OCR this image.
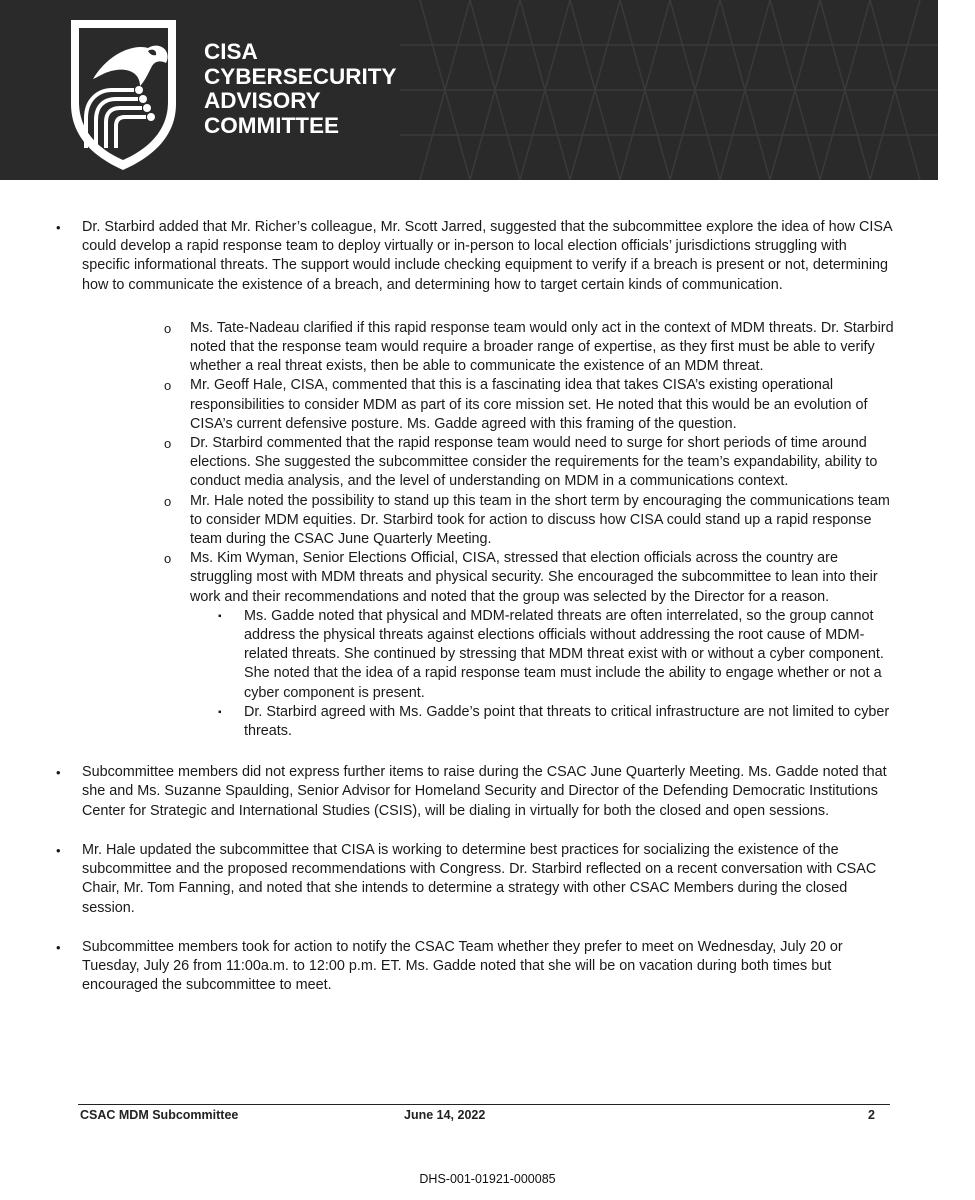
CISA
CYBERSECURITY
ADVISORY
COMMITTEE
• Dr. Starbird added that Mr. Richer’s colleague, Mr. Scott Jarred, suggested that the subcommittee explore the idea of how CISA could develop a rapid response team to deploy virtually or in-person to local election officials’ jurisdictions struggling with specific informational threats. The support would include checking equipment to verify if a breach is present or not, determining how to communicate the existence of a breach, and determining how to target certain kinds of communication.
o Ms. Tate-Nadeau clarified if this rapid response team would only act in the context of MDM threats. Dr. Starbird noted that the response team would require a broader range of expertise, as they first must be able to verify whether a real threat exists, then be able to communicate the existence of an MDM threat.
o Mr. Geoff Hale, CISA, commented that this is a fascinating idea that takes CISA’s existing operational responsibilities to consider MDM as part of its core mission set. He noted that this would be an evolution of CISA’s current defensive posture. Ms. Gadde agreed with this framing of the question.
o Dr. Starbird commented that the rapid response team would need to surge for short periods of time around elections. She suggested the subcommittee consider the requirements for the team’s expandability, ability to conduct media analysis, and the level of understanding on MDM in a communications context.
o Mr. Hale noted the possibility to stand up this team in the short term by encouraging the communications team to consider MDM equities. Dr. Starbird took for action to discuss how CISA could stand up a rapid response team during the CSAC June Quarterly Meeting.
o Ms. Kim Wyman, Senior Elections Official, CISA, stressed that election officials across the country are struggling most with MDM threats and physical security. She encouraged the subcommittee to lean into their work and their recommendations and noted that the group was selected by the Director for a reason.
▪ Ms. Gadde noted that physical and MDM-related threats are often interrelated, so the group cannot address the physical threats against elections officials without addressing the root cause of MDM-related threats. She continued by stressing that MDM threat exist with or without a cyber component. She noted that the idea of a rapid response team must include the ability to engage whether or not a cyber component is present.
▪ Dr. Starbird agreed with Ms. Gadde’s point that threats to critical infrastructure are not limited to cyber threats.
• Subcommittee members did not express further items to raise during the CSAC June Quarterly Meeting. Ms. Gadde noted that she and Ms. Suzanne Spaulding, Senior Advisor for Homeland Security and Director of the Defending Democratic Institutions Center for Strategic and International Studies (CSIS), will be dialing in virtually for both the closed and open sessions.
• Mr. Hale updated the subcommittee that CISA is working to determine best practices for socializing the existence of the subcommittee and the proposed recommendations with Congress. Dr. Starbird reflected on a recent conversation with CSAC Chair, Mr. Tom Fanning, and noted that she intends to determine a strategy with other CSAC Members during the closed session.
• Subcommittee members took for action to notify the CSAC Team whether they prefer to meet on Wednesday, July 20 or Tuesday, July 26 from 11:00a.m. to 12:00 p.m. ET. Ms. Gadde noted that she will be on vacation during both times but encouraged the subcommittee to meet.
CSAC MDM Subcommittee	June 14, 2022	2
DHS-001-01921-000085
